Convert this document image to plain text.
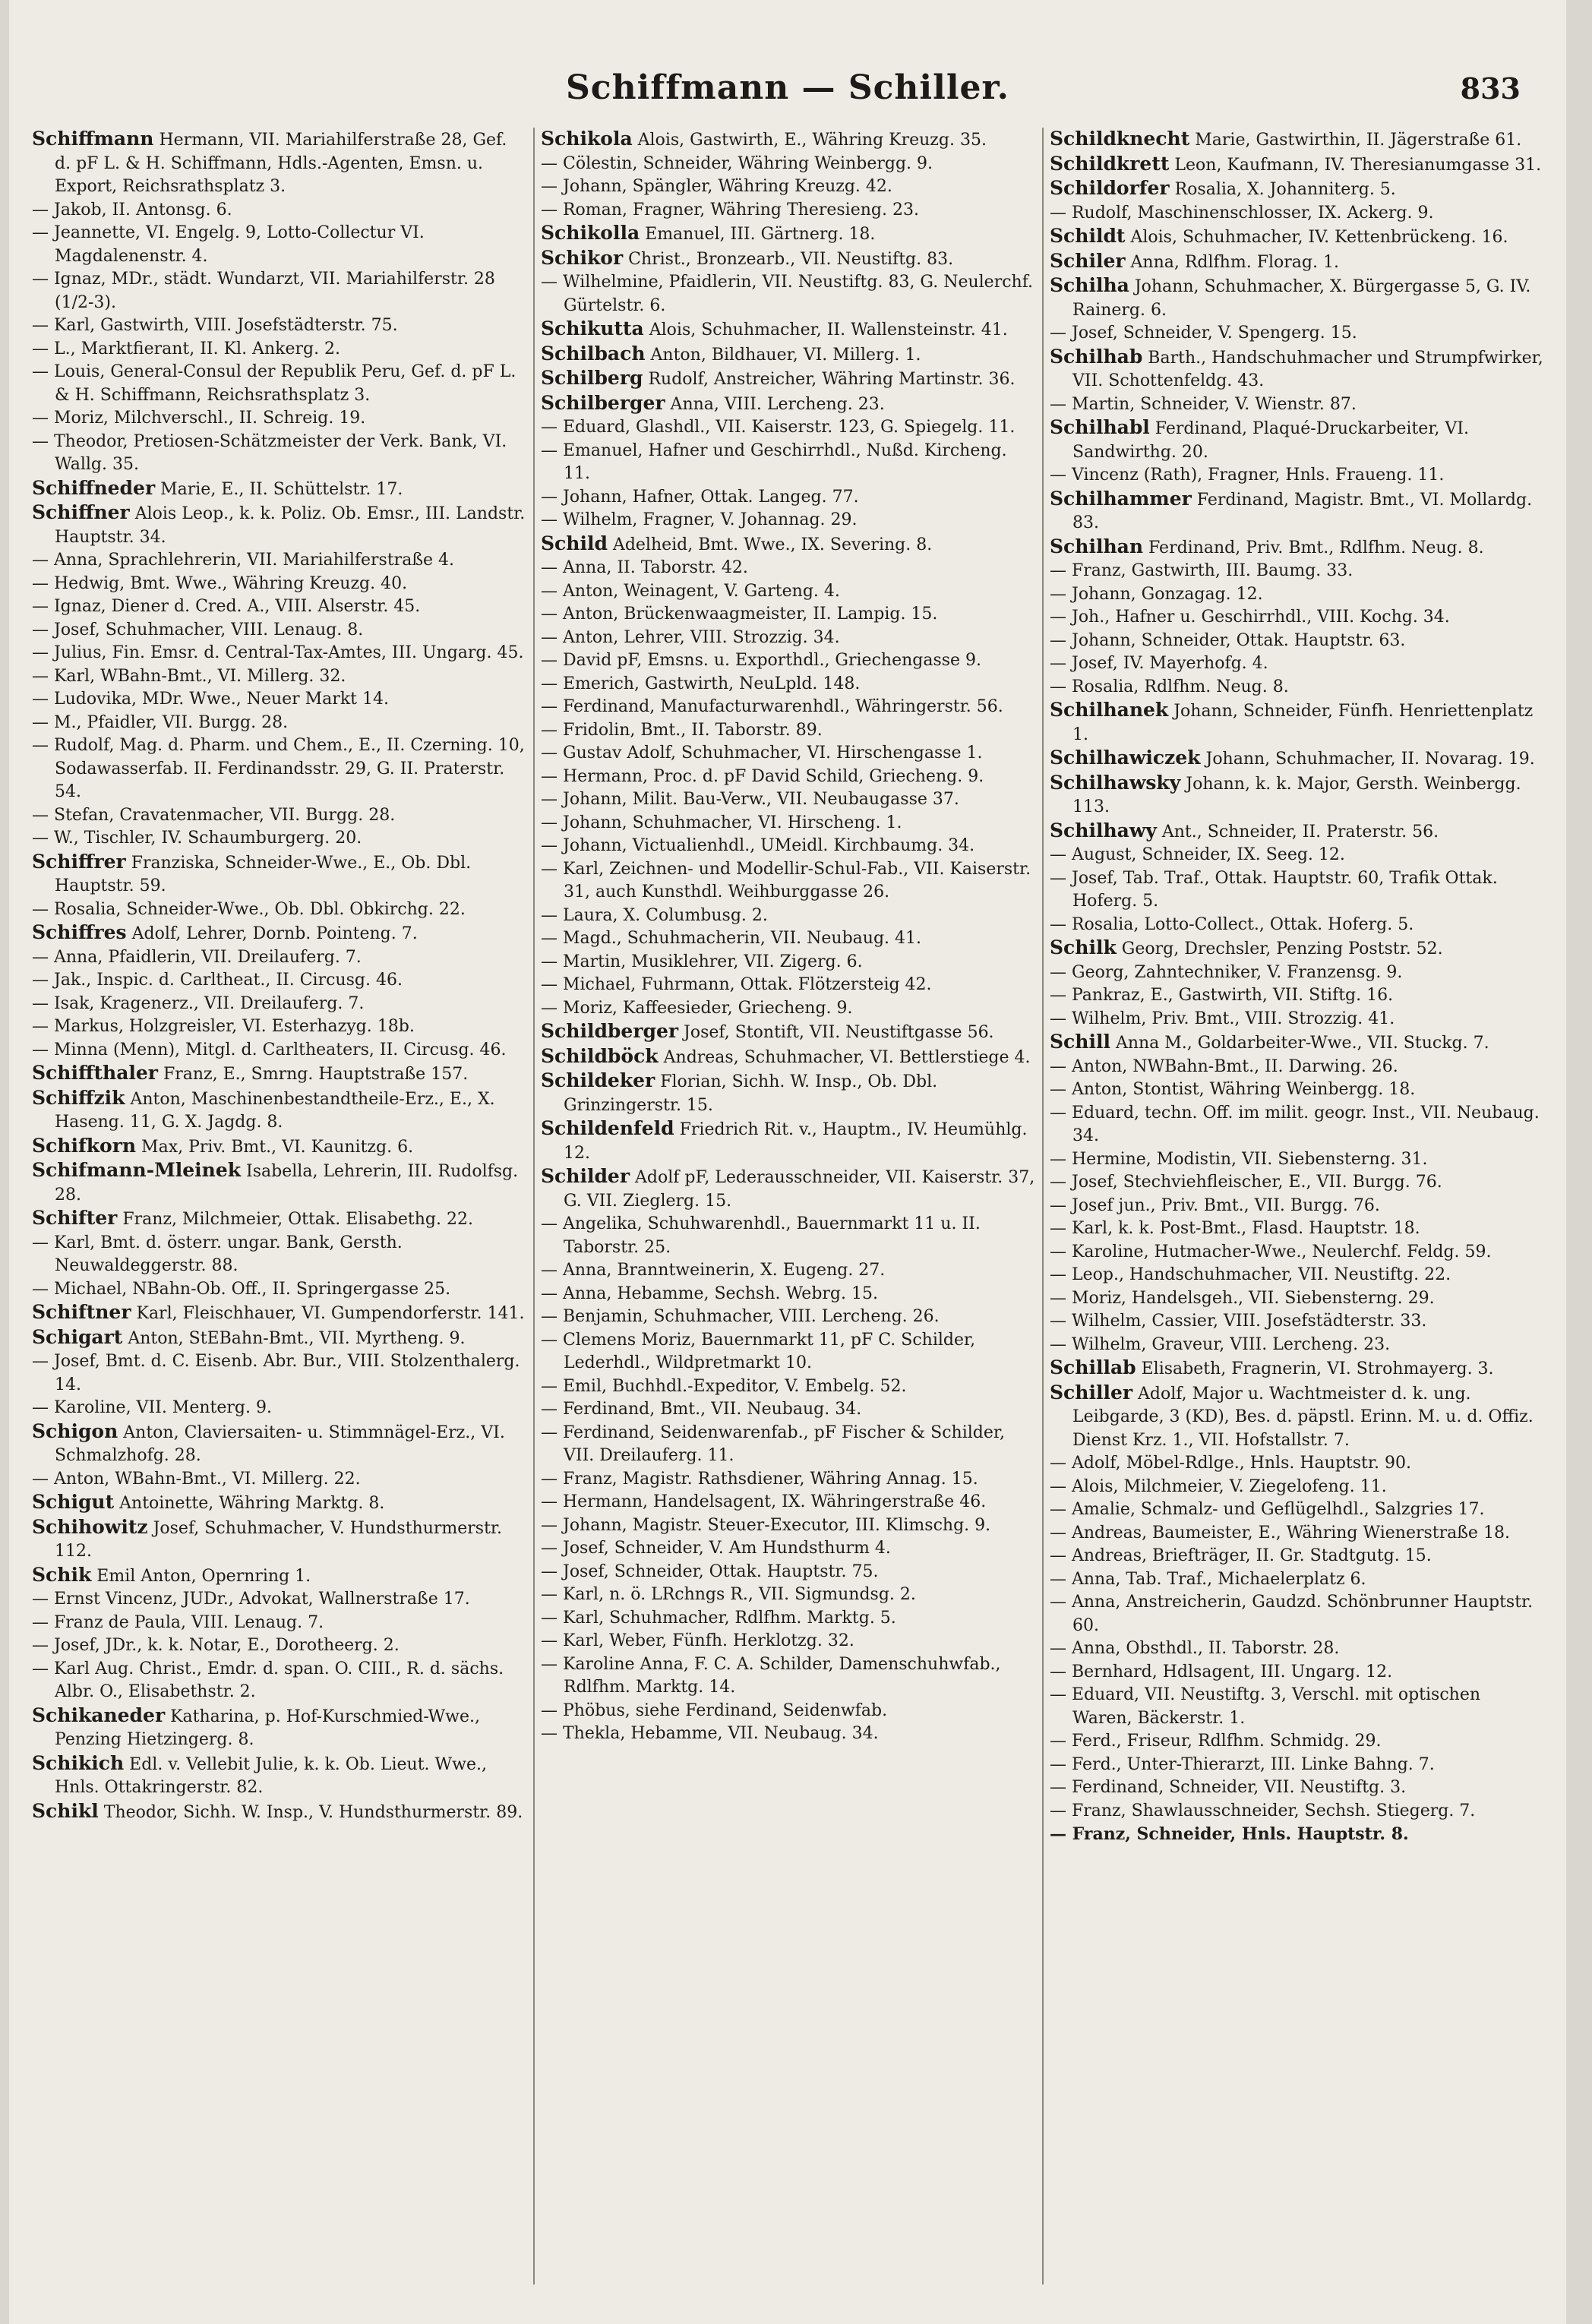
Schiffmann — Schiller.	833

Schiffmann Hermann, VII. Mariahilferstraße 28, Gef. d. pF L. & H. Schiffmann, Hdls.-Agenten, Emsn. u. Export, Reichsrathsplatz 3.

— Jakob, II. Antonsg. 6.

— Jeannette, VI. Engelg. 9, Lotto-Collectur VI. Magdalenenstr. 4.

— Ignaz, MDr., städt. Wundarzt, VII. Mariahilferstr. 28 (1/2-3).

— Karl, Gastwirth, VIII. Josefstädterstr. 75.

— L., Marktfierant, II. Kl. Ankerg. 2.

— Louis, General-Consul der Republik Peru, Gef. d. pF L. & H. Schiffmann, Reichsrathsplatz 3.

— Moriz, Milchverschl., II. Schreig. 19.

— Theodor, Pretiosen-Schätzmeister der Verk. Bank, VI. Wallg. 35.

Schiffneder Marie, E., II. Schüttelstr. 17.

Schiffner Alois Leop., k. k. Poliz. Ob. Emsr., III. Landstr. Hauptstr. 34.

— Anna, Sprachlehrerin, VII. Mariahilferstraße 4.

— Hedwig, Bmt. Wwe., Währing Kreuzg. 40.

— Ignaz, Diener d. Cred. A., VIII. Alserstr. 45.

— Josef, Schuhmacher, VIII. Lenaug. 8.

— Julius, Fin. Emsr. d. Central-Tax-Amtes, III. Ungarg. 45.

— Karl, WBahn-Bmt., VI. Millerg. 32.

— Ludovika, MDr. Wwe., Neuer Markt 14.

— M., Pfaidler, VII. Burgg. 28.

— Rudolf, Mag. d. Pharm. und Chem., E., II. Czerning. 10, Sodawasserfab. II. Ferdinandsstr. 29, G. II. Praterstr. 54.

— Stefan, Cravatenmacher, VII. Burgg. 28.

— W., Tischler, IV. Schaumburgerg. 20.

Schiffrer Franziska, Schneider-Wwe., E., Ob. Dbl. Hauptstr. 59.

— Rosalia, Schneider-Wwe., Ob. Dbl. Obkirchg. 22.

Schiffres Adolf, Lehrer, Dornb. Pointeng. 7.

— Anna, Pfaidlerin, VII. Dreilauferg. 7.

— Jak., Inspic. d. Carltheat., II. Circusg. 46.

— Isak, Kragenerz., VII. Dreilauferg. 7.

— Markus, Holzgreisler, VI. Esterhazyg. 18b.

— Minna (Menn), Mitgl. d. Carltheaters, II. Circusg. 46.

Schiffthaler Franz, E., Smrng. Hauptstraße 157.

Schiffzik Anton, Maschinenbestandtheile-Erz., E., X. Haseng. 11, G. X. Jagdg. 8.

Schifkorn Max, Priv. Bmt., VI. Kaunitzg. 6.

Schifmann-Mleinek Isabella, Lehrerin, III. Rudolfsg. 28.

Schifter Franz, Milchmeier, Ottak. Elisabethg. 22.

— Karl, Bmt. d. österr. ungar. Bank, Gersth. Neuwaldeggerstr. 88.

— Michael, NBahn-Ob. Off., II. Springergasse 25.

Schiftner Karl, Fleischhauer, VI. Gumpendorferstr. 141.

Schigart Anton, StEBahn-Bmt., VII. Myrtheng. 9.

— Josef, Bmt. d. C. Eisenb. Abr. Bur., VIII. Stolzenthalerg. 14.

— Karoline, VII. Menterg. 9.

Schigon Anton, Claviersaiten- u. Stimmnägel-Erz., VI. Schmalzhofg. 28.

— Anton, WBahn-Bmt., VI. Millerg. 22.

Schigut Antoinette, Währing Marktg. 8.

Schihowitz Josef, Schuhmacher, V. Hundsthurmerstr. 112.

Schik Emil Anton, Opernring 1.

— Ernst Vincenz, JUDr., Advokat, Wallnerstraße 17.

— Franz de Paula, VIII. Lenaug. 7.

— Josef, JDr., k. k. Notar, E., Dorotheerg. 2.

— Karl Aug. Christ., Emdr. d. span. O. CIII., R. d. sächs. Albr. O., Elisabethstr. 2.

Schikaneder Katharina, p. Hof-Kurschmied-Wwe., Penzing Hietzingerg. 8.

Schikich Edl. v. Vellebit Julie, k. k. Ob. Lieut. Wwe., Hnls. Ottakringerstr. 82.

Schikl Theodor, Sichh. W. Insp., V. Hundsthurmerstr. 89.

Schikola Alois, Gastwirth, E., Währing Kreuzg. 35.

— Cölestin, Schneider, Währing Weinbergg. 9.

— Johann, Spängler, Währing Kreuzg. 42.

— Roman, Fragner, Währing Theresieng. 23.

Schikolla Emanuel, III. Gärtnerg. 18.

Schikor Christ., Bronzearb., VII. Neustiftg. 83.

— Wilhelmine, Pfaidlerin, VII. Neustiftg. 83, G. Neulerchf. Gürtelstr. 6.

Schikutta Alois, Schuhmacher, II. Wallensteinstr. 41.

Schilbach Anton, Bildhauer, VI. Millerg. 1.

Schilberg Rudolf, Anstreicher, Währing Martinstr. 36.

Schilberger Anna, VIII. Lercheng. 23.

— Eduard, Glashdl., VII. Kaiserstr. 123, G. Spiegelg. 11.

— Emanuel, Hafner und Geschirrhdl., Nußd. Kircheng. 11.

— Johann, Hafner, Ottak. Langeg. 77.

— Wilhelm, Fragner, V. Johannag. 29.

Schild Adelheid, Bmt. Wwe., IX. Severing. 8.

— Anna, II. Taborstr. 42.

— Anton, Weinagent, V. Garteng. 4.

— Anton, Brückenwaagmeister, II. Lampig. 15.

— Anton, Lehrer, VIII. Strozzig. 34.

— David pF, Emsns. u. Exporthdl., Griechengasse 9.

— Emerich, Gastwirth, NeuLpld. 148.

— Ferdinand, Manufacturwarenhdl., Währingerstr. 56.

— Fridolin, Bmt., II. Taborstr. 89.

— Gustav Adolf, Schuhmacher, VI. Hirschengasse 1.

— Hermann, Proc. d. pF David Schild, Griecheng. 9.

— Johann, Milit. Bau-Verw., VII. Neubaugasse 37.

— Johann, Schuhmacher, VI. Hirscheng. 1.

— Johann, Victualienhdl., UMeidl. Kirchbaumg. 34.

— Karl, Zeichnen- und Modellir-Schul-Fab., VII. Kaiserstr. 31, auch Kunsthdl. Weihburggasse 26.

— Laura, X. Columbusg. 2.

— Magd., Schuhmacherin, VII. Neubaug. 41.

— Martin, Musiklehrer, VII. Zigerg. 6.

— Michael, Fuhrmann, Ottak. Flötzersteig 42.

— Moriz, Kaffeesieder, Griecheng. 9.

Schildberger Josef, Stontift, VII. Neustiftgasse 56.

Schildböck Andreas, Schuhmacher, VI. Bettlerstiege 4.

Schildeker Florian, Sichh. W. Insp., Ob. Dbl. Grinzingerstr. 15.

Schildenfeld Friedrich Rit. v., Hauptm., IV. Heumühlg. 12.

Schilder Adolf pF, Lederausschneider, VII. Kaiserstr. 37, G. VII. Zieglerg. 15.

— Angelika, Schuhwarenhdl., Bauernmarkt 11 u. II. Taborstr. 25.

— Anna, Branntweinerin, X. Eugeng. 27.

— Anna, Hebamme, Sechsh. Webrg. 15.

— Benjamin, Schuhmacher, VIII. Lercheng. 26.

— Clemens Moriz, Bauernmarkt 11, pF C. Schilder, Lederhdl., Wildpretmarkt 10.

— Emil, Buchhdl.-Expeditor, V. Embelg. 52.

— Ferdinand, Bmt., VII. Neubaug. 34.

— Ferdinand, Seidenwarenfab., pF Fischer & Schilder, VII. Dreilauferg. 11.

— Franz, Magistr. Rathsdiener, Währing Annag. 15.

— Hermann, Handelsagent, IX. Währingerstraße 46.

— Johann, Magistr. Steuer-Executor, III. Klimschg. 9.

— Josef, Schneider, V. Am Hundsthurm 4.

— Josef, Schneider, Ottak. Hauptstr. 75.

— Karl, n. ö. LRchngs R., VII. Sigmundsg. 2.

— Karl, Schuhmacher, Rdlfhm. Marktg. 5.

— Karl, Weber, Fünfh. Herklotzg. 32.

— Karoline Anna, F. C. A. Schilder, Damenschuhwfab., Rdlfhm. Marktg. 14.

— Phöbus, siehe Ferdinand, Seidenwfab.

— Thekla, Hebamme, VII. Neubaug. 34.

Schildknecht Marie, Gastwirthin, II. Jägerstraße 61.

Schildkrett Leon, Kaufmann, IV. Theresianumgasse 31.

Schildorfer Rosalia, X. Johanniterg. 5.

— Rudolf, Maschinenschlosser, IX. Ackerg. 9.

Schildt Alois, Schuhmacher, IV. Kettenbrückeng. 16.

Schiler Anna, Rdlfhm. Florag. 1.

Schilha Johann, Schuhmacher, X. Bürgergasse 5, G. IV. Rainerg. 6.

— Josef, Schneider, V. Spengerg. 15.

Schilhab Barth., Handschuhmacher und Strumpfwirker, VII. Schottenfeldg. 43.

— Martin, Schneider, V. Wienstr. 87.

Schilhabl Ferdinand, Plaqué-Druckarbeiter, VI. Sandwirthg. 20.

— Vincenz (Rath), Fragner, Hnls. Fraueng. 11.

Schilhammer Ferdinand, Magistr. Bmt., VI. Mollardg. 83.

Schilhan Ferdinand, Priv. Bmt., Rdlfhm. Neug. 8.

— Franz, Gastwirth, III. Baumg. 33.

— Johann, Gonzagag. 12.

— Joh., Hafner u. Geschirrhdl., VIII. Kochg. 34.

— Johann, Schneider, Ottak. Hauptstr. 63.

— Josef, IV. Mayerhofg. 4.

— Rosalia, Rdlfhm. Neug. 8.

Schilhanek Johann, Schneider, Fünfh. Henriettenplatz 1.

Schilhawiczek Johann, Schuhmacher, II. Novarag. 19.

Schilhawsky Johann, k. k. Major, Gersth. Weinbergg. 113.

Schilhawy Ant., Schneider, II. Praterstr. 56.

— August, Schneider, IX. Seeg. 12.

— Josef, Tab. Traf., Ottak. Hauptstr. 60, Trafik Ottak. Hoferg. 5.

— Rosalia, Lotto-Collect., Ottak. Hoferg. 5.

Schilk Georg, Drechsler, Penzing Poststr. 52.

— Georg, Zahntechniker, V. Franzensg. 9.

— Pankraz, E., Gastwirth, VII. Stiftg. 16.

— Wilhelm, Priv. Bmt., VIII. Strozzig. 41.

Schill Anna M., Goldarbeiter-Wwe., VII. Stuckg. 7.

— Anton, NWBahn-Bmt., II. Darwing. 26.

— Anton, Stontist, Währing Weinbergg. 18.

— Eduard, techn. Off. im milit. geogr. Inst., VII. Neubaug. 34.

— Hermine, Modistin, VII. Siebensterng. 31.

— Josef, Stechviehfleischer, E., VII. Burgg. 76.

— Josef jun., Priv. Bmt., VII. Burgg. 76.

— Karl, k. k. Post-Bmt., Flasd. Hauptstr. 18.

— Karoline, Hutmacher-Wwe., Neulerchf. Feldg. 59.

— Leop., Handschuhmacher, VII. Neustiftg. 22.

— Moriz, Handelsgeh., VII. Siebensterng. 29.

— Wilhelm, Cassier, VIII. Josefstädterstr. 33.

— Wilhelm, Graveur, VIII. Lercheng. 23.

Schillab Elisabeth, Fragnerin, VI. Strohmayerg. 3.

Schiller Adolf, Major u. Wachtmeister d. k. ung. Leibgarde, 3 (KD), Bes. d. päpstl. Erinn. M. u. d. Offiz. Dienst Krz. 1., VII. Hofstallstr. 7.

— Adolf, Möbel-Rdlge., Hnls. Hauptstr. 90.

— Alois, Milchmeier, V. Ziegelofeng. 11.

— Amalie, Schmalz- und Geflügelhdl., Salzgries 17.

— Andreas, Baumeister, E., Währing Wienerstraße 18.

— Andreas, Briefträger, II. Gr. Stadtgutg. 15.

— Anna, Tab. Traf., Michaelerplatz 6.

— Anna, Anstreicherin, Gaudzd. Schönbrunner Hauptstr. 60.

— Anna, Obsthdl., II. Taborstr. 28.

— Bernhard, Hdlsagent, III. Ungarg. 12.

— Eduard, VII. Neustiftg. 3, Verschl. mit optischen Waren, Bäckerstr. 1.

— Ferd., Friseur, Rdlfhm. Schmidg. 29.

— Ferd., Unter-Thierarzt, III. Linke Bahng. 7.

— Ferdinand, Schneider, VII. Neustiftg. 3.

— Franz, Shawlausschneider, Sechsh. Stiegerg. 7.

— Franz, Schneider, Hnls. Hauptstr. 8.
